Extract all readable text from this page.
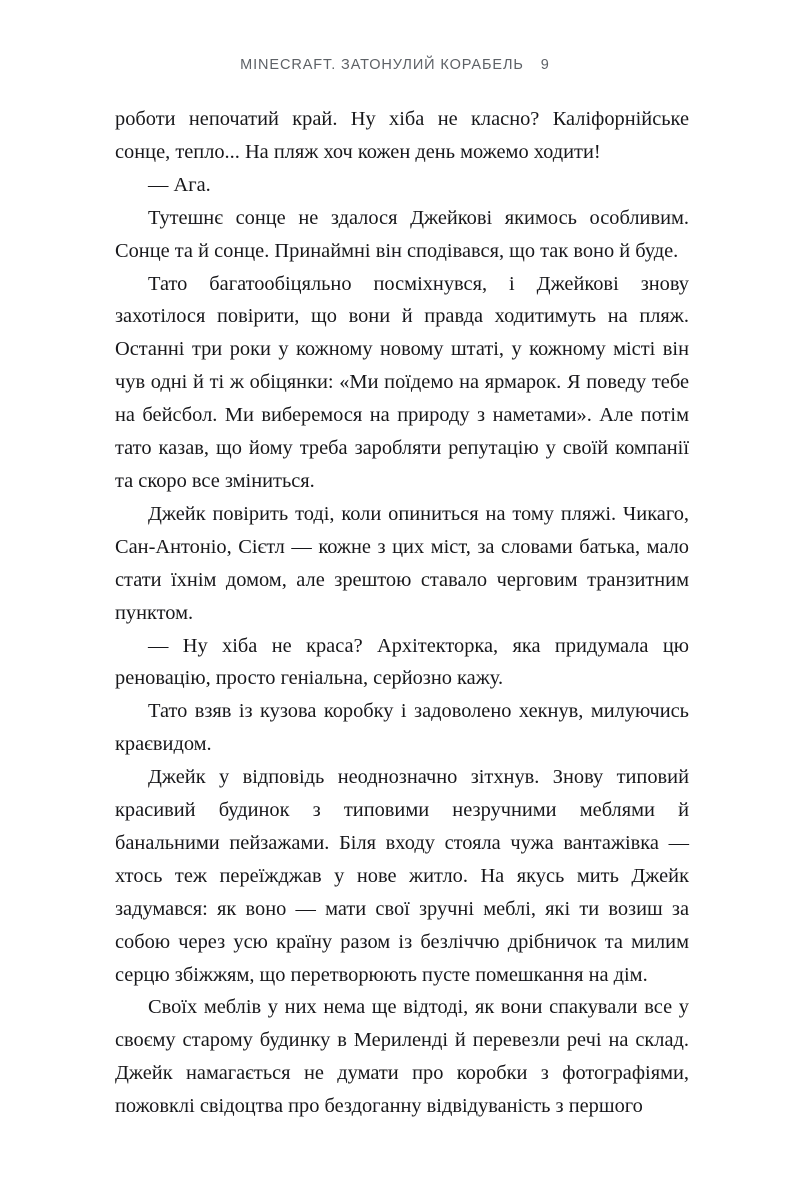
MINECRAFT. ЗАТОНУЛИЙ КОРАБЕЛЬ 9

роботи непочатий край. Ну хіба не класно? Каліфорнійське сонце, тепло... На пляж хоч кожен день можемо ходити!

— Ага.

Тутешнє сонце не здалося Джейкові якимось особливим. Сонце та й сонце. Принаймні він сподівався, що так воно й буде.

Тато багатообіцяльно посміхнувся, і Джейкові знову захотілося повірити, що вони й правда ходитимуть на пляж. Останні три роки у кожному новому штаті, у кожному місті він чув одні й ті ж обіцянки: «Ми поїдемо на ярмарок. Я поведу тебе на бейсбол. Ми виберемося на природу з наметами». Але потім тато казав, що йому треба заробляти репутацію у своїй компанії та скоро все зміниться.

Джейк повірить тоді, коли опиниться на тому пляжі. Чикаго, Сан-Антоніо, Сієтл — кожне з цих міст, за словами батька, мало стати їхнім домом, але зрештою ставало черговим транзитним пунктом.

— Ну хіба не краса? Архітекторка, яка придумала цю реновацію, просто геніальна, серйозно кажу.

Тато взяв із кузова коробку і задоволено хекнув, милуючись краєвидом.

Джейк у відповідь неоднозначно зітхнув. Знову типовий красивий будинок з типовими незручними меблями й банальними пейзажами. Біля входу стояла чужа вантажівка — хтось теж переїжджав у нове житло. На якусь мить Джейк задумався: як воно — мати свої зручні меблі, які ти возиш за собою через усю країну разом із безліччю дрібничок та милим серцю збіжжям, що перетворюють пусте помешкання на дім.

Своїх меблів у них нема ще відтоді, як вони спакували все у своєму старому будинку в Мериленді й перевезли речі на склад. Джейк намагається не думати про коробки з фотографіями, пожовклі свідоцтва про бездоганну відвідуваність з першого
